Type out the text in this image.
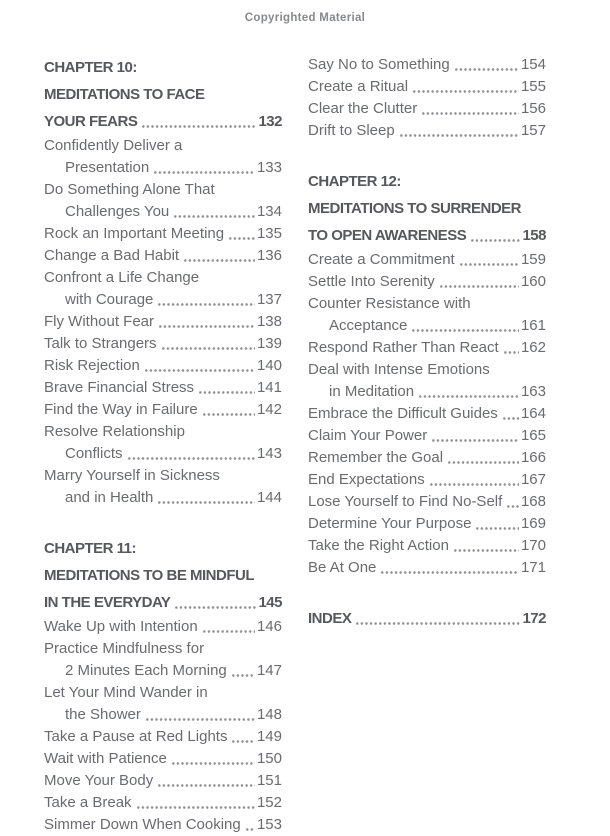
Copyrighted Material
CHAPTER 10:
MEDITATIONS TO FACE
YOUR FEARS	132
Confidently Deliver a
Presentation	133
Do Something Alone That
Challenges You	134
Rock an Important Meeting 135
Change a Bad Habit	136
Confront a Life Change
with Courage	137
Fly Without Fear	138
Talk to Strangers	139
Risk Rejection	140
Brave Financial Stress	141
Find the Way in Failure	142
Resolve Relationship
Conflicts	143
Marry Yourself in Sickness
and in Health	144
CHAPTER 11:
MEDITATIONS TO BE MINDFUL
IN THE EVERYDAY	145
Wake Up with Intention	146
Practice Mindfulness for
2 Minutes Each Morning 147
Let Your Mind Wander in
the Shower	148
Take a Pause at Red Lights 149
Wait with Patience	150
Move Your Body	151
Take a Break	152
Simmer Down When Cooking 153
Say No to Something	154
Create a Ritual	155
Clear the Clutter	156
Drift to Sleep	157
CHAPTER 12:
MEDITATIONS TO SURRENDER
TO OPEN AWARENESS	158
Create a Commitment	159
Settle Into Serenity	160
Counter Resistance with
Acceptance	161
Respond Rather Than React 162
Deal with Intense Emotions
in Meditation	163
Embrace the Difficult Guides 164
Claim Your Power	165
Remember the Goal	166
End Expectations	167
Lose Yourself to Find No-Self 168
Determine Your Purpose	169
Take the Right Action	170
Be At One	171
INDEX	172
